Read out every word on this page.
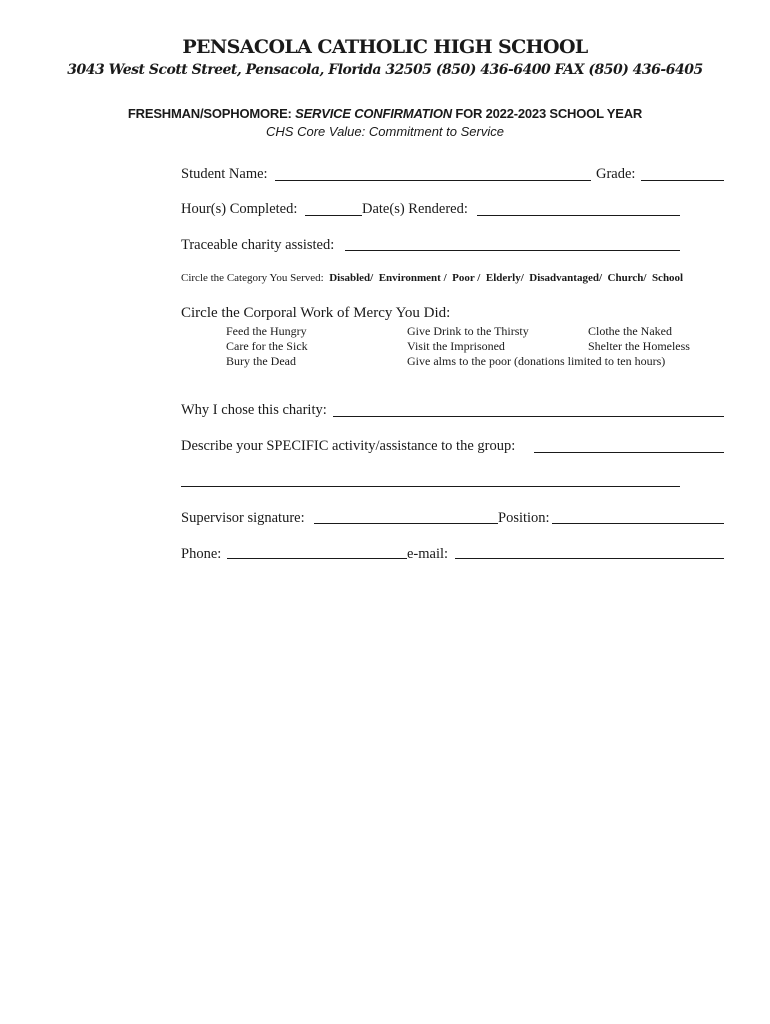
PENSACOLA CATHOLIC HIGH SCHOOL
3043 West Scott Street, Pensacola, Florida 32505 (850) 436-6400 FAX (850) 436-6405
FRESHMAN/SOPHOMORE: SERVICE CONFIRMATION FOR 2022-2023 SCHOOL YEAR
CHS Core Value: Commitment to Service
Student Name:	Grade:
Hour(s) Completed:	Date(s) Rendered:
Traceable charity assisted:
Circle the Category You Served: Disabled/ Environment / Poor / Elderly/ Disadvantaged/ Church/ School
Circle the Corporal Work of Mercy You Did:
Feed the Hungry	Give Drink to the Thirsty	Clothe the Naked
Care for the Sick	Visit the Imprisoned	Shelter the Homeless
Bury the Dead	Give alms to the poor (donations limited to ten hours)
Why I chose this charity:
Describe your SPECIFIC activity/assistance to the group:
Supervisor signature:	Position:
Phone:	e-mail:
